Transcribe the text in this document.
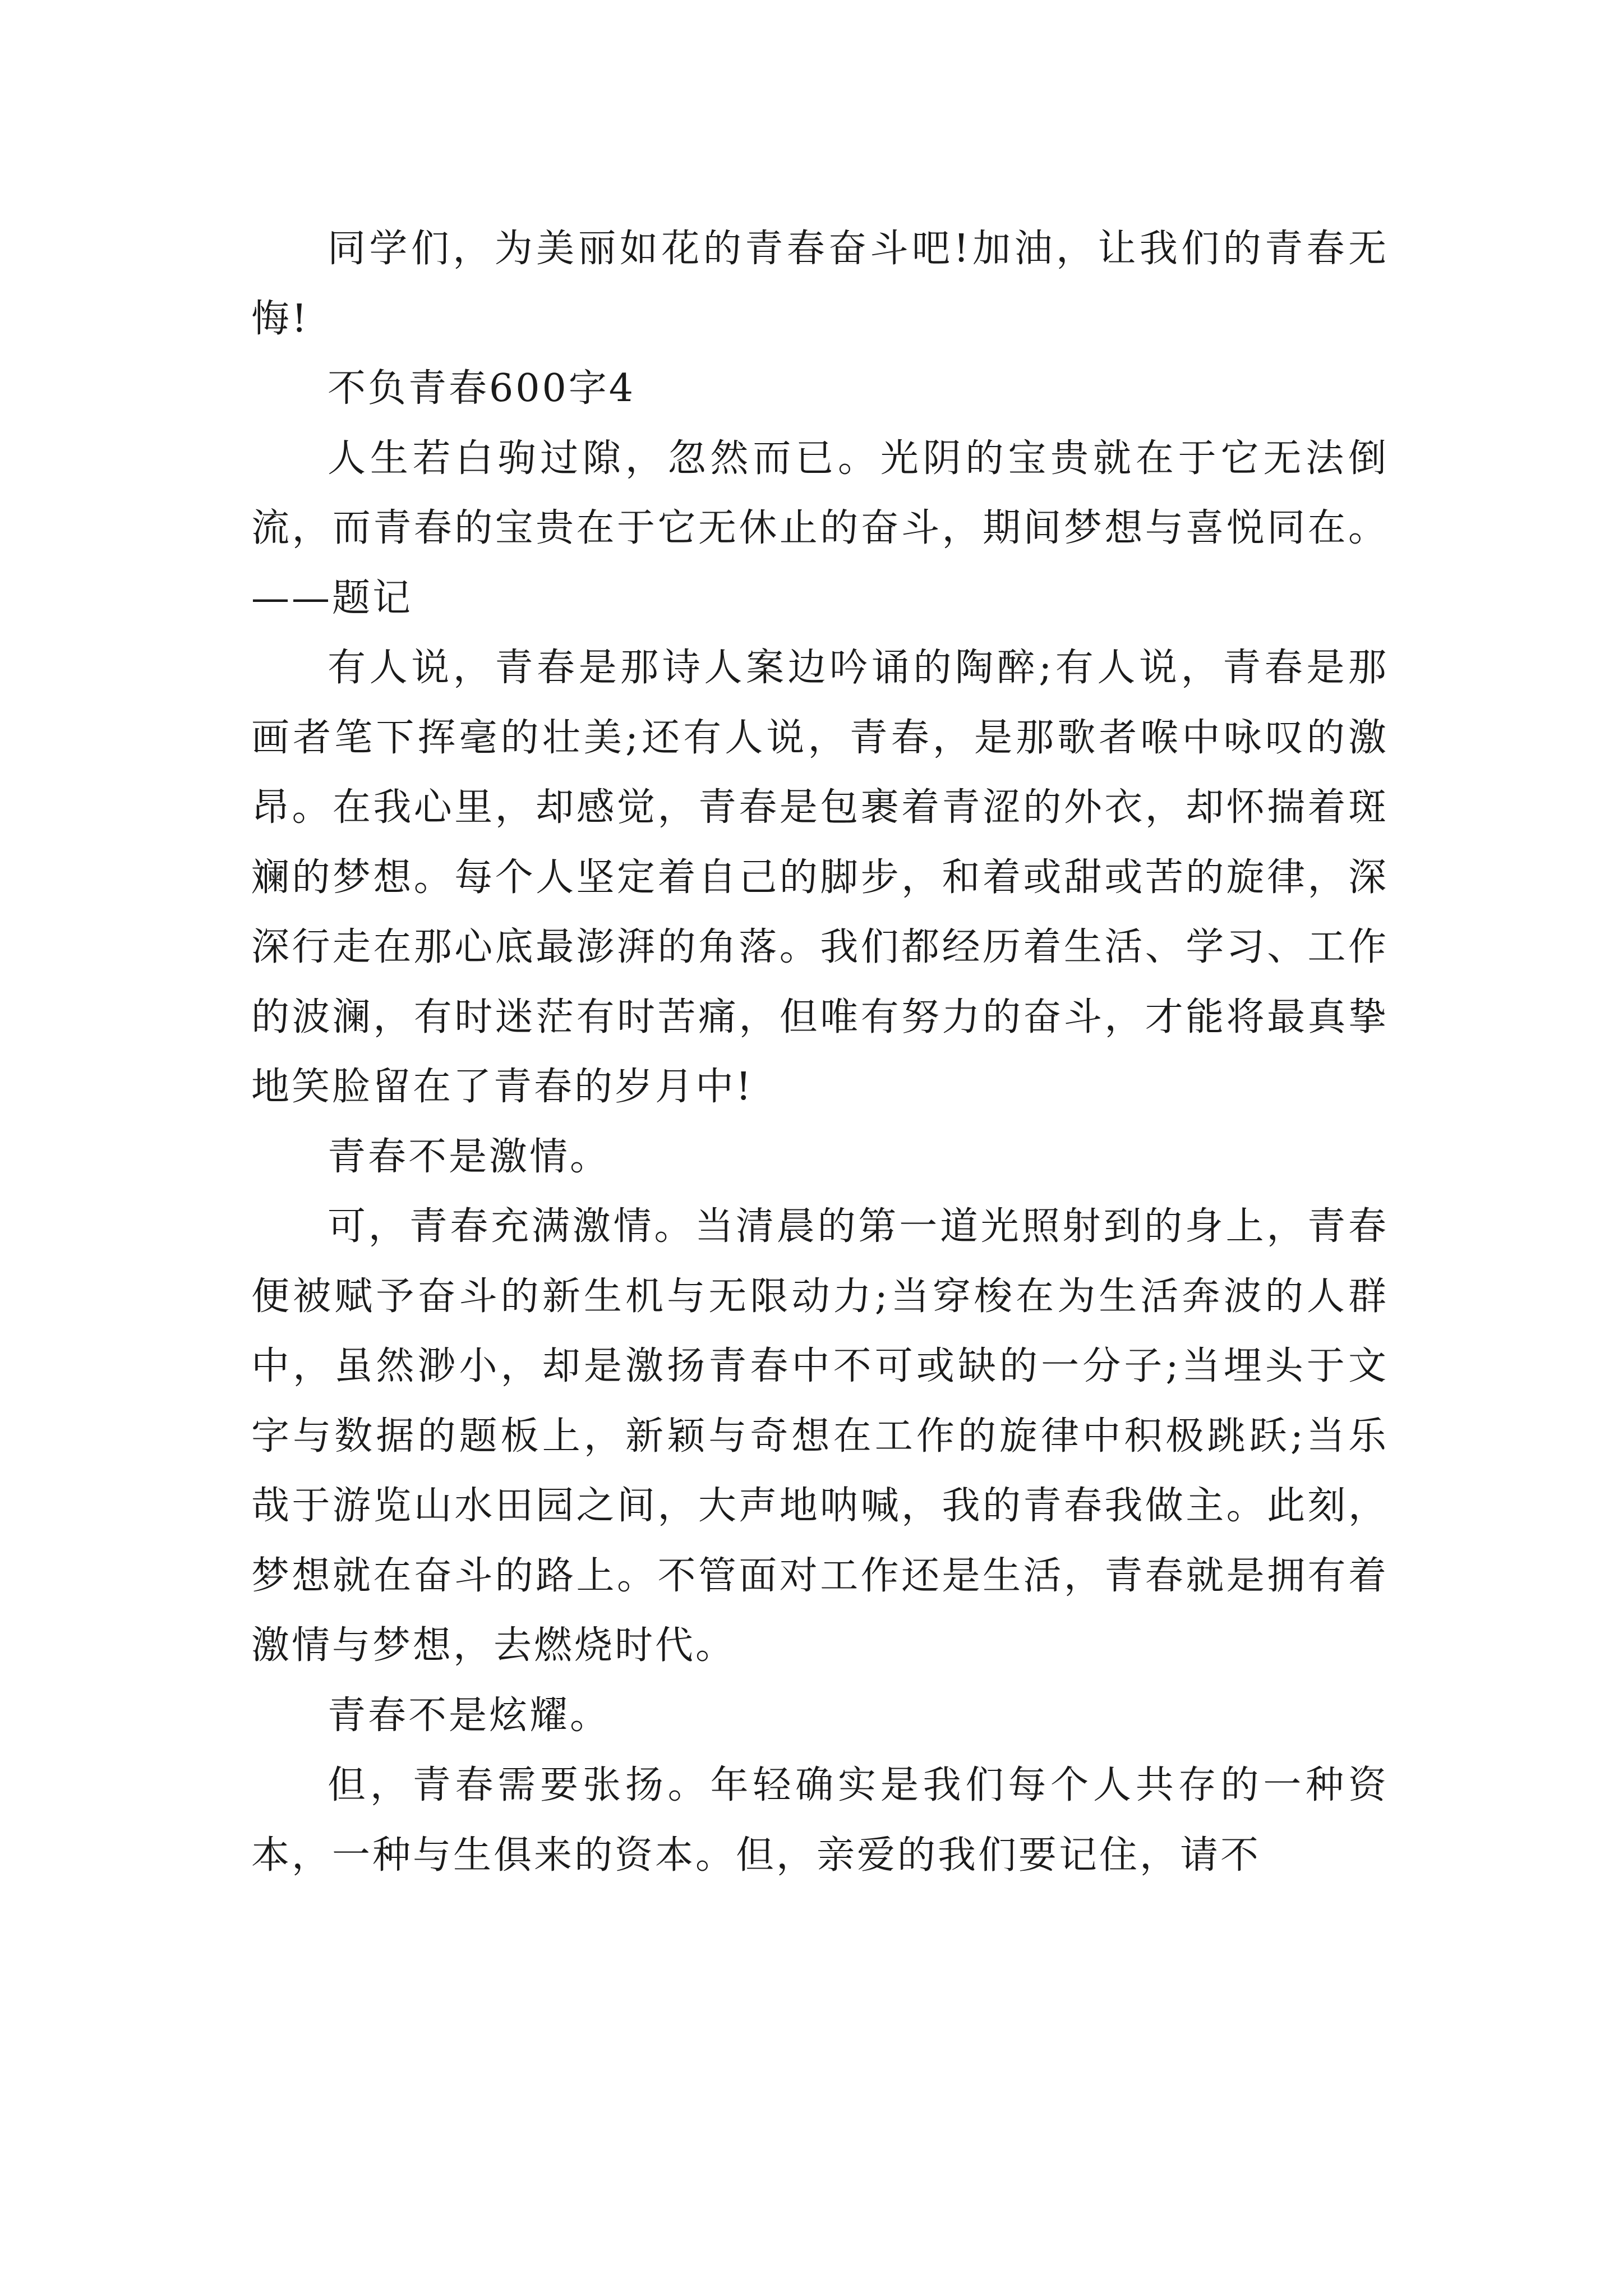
同学们，为美丽如花的青春奋斗吧!加油，让我们的青春无悔!

不负青春600字4

人生若白驹过隙，忽然而已。光阴的宝贵就在于它无法倒流，而青春的宝贵在于它无休止的奋斗，期间梦想与喜悦同在。——题记

有人说，青春是那诗人案边吟诵的陶醉;有人说，青春是那画者笔下挥毫的壮美;还有人说，青春，是那歌者喉中咏叹的激昂。在我心里，却感觉，青春是包裹着青涩的外衣，却怀揣着斑斓的梦想。每个人坚定着自己的脚步，和着或甜或苦的旋律，深深行走在那心底最澎湃的角落。我们都经历着生活、学习、工作的波澜，有时迷茫有时苦痛，但唯有努力的奋斗，才能将最真挚地笑脸留在了青春的岁月中!

青春不是激情。

可，青春充满激情。当清晨的第一道光照射到的身上，青春便被赋予奋斗的新生机与无限动力;当穿梭在为生活奔波的人群中，虽然渺小，却是激扬青春中不可或缺的一分子;当埋头于文字与数据的题板上，新颖与奇想在工作的旋律中积极跳跃;当乐哉于游览山水田园之间，大声地呐喊，我的青春我做主。此刻，梦想就在奋斗的路上。不管面对工作还是生活，青春就是拥有着激情与梦想，去燃烧时代。

青春不是炫耀。

但，青春需要张扬。年轻确实是我们每个人共存的一种资本，一种与生俱来的资本。但，亲爱的我们要记住，请不
